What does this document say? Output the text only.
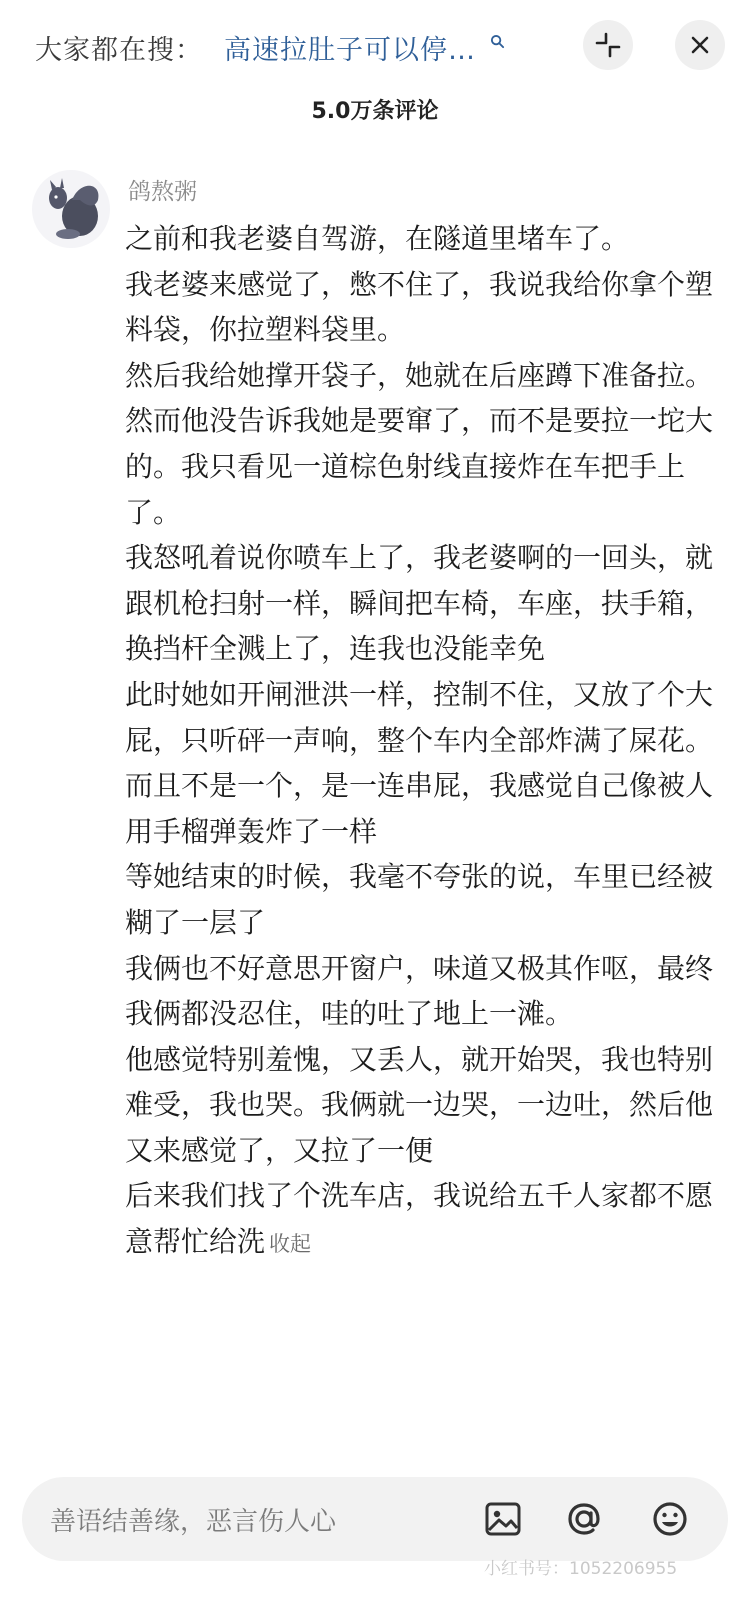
大家都在搜： 高速拉肚子可以停…
5.0万条评论
鸽熬粥

之前和我老婆自驾游，在隧道里堵车了。

我老婆来感觉了，憋不住了，我说我给你拿个塑料袋，你拉塑料袋里。

然后我给她撑开袋子，她就在后座蹲下准备拉。然而他没告诉我她是要窜了，而不是要拉一坨大的。我只看见一道棕色射线直接炸在车把手上了。

我怒吼着说你喷车上了，我老婆啊的一回头，就跟机枪扫射一样，瞬间把车椅，车座，扶手箱，换挡杆全溅上了，连我也没能幸免

此时她如开闸泄洪一样，控制不住，又放了个大屁，只听砰一声响，整个车内全部炸满了屎花。而且不是一个，是一连串屁，我感觉自己像被人用手榴弹轰炸了一样

等她结束的时候，我毫不夸张的说，车里已经被糊了一层了

我俩也不好意思开窗户，味道又极其作呕，最终我俩都没忍住，哇的吐了地上一滩。

他感觉特别羞愧，又丢人，就开始哭，我也特别难受，我也哭。我俩就一边哭，一边吐，然后他又来感觉了，又拉了一便

后来我们找了个洗车店，我说给五千人家都不愿意帮忙给洗 收起

善语结善缘，恶言伤人心
小红书号：1052206955
